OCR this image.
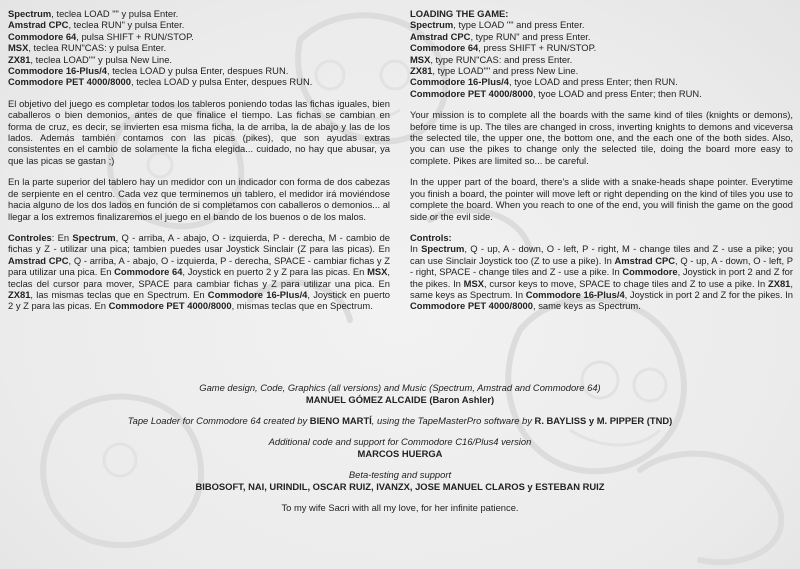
Spectrum, teclea LOAD "" y pulsa Enter.

Amstrad CPC, teclea RUN" y pulsa Enter.

Commodore 64, pulsa SHIFT + RUN/STOP.

MSX, teclea RUN"CAS: y pulsa Enter.

ZX81, teclea LOAD"" y pulsa New Line.

Commodore 16-Plus/4, teclea LOAD y pulsa Enter, despues RUN.

Commodore PET 4000/8000, teclea LOAD y pulsa Enter, despues RUN.

El objetivo del juego es completar todos los tableros poniendo todas las fichas iguales, bien caballeros o bien demonios, antes de que finalice el tiempo. Las fichas se cambian en forma de cruz, es decir, se invierten esa misma ficha, la de arriba, la de abajo y las de los lados. Además también contamos con las picas (pikes), que son ayudas extras consistentes en el cambio de solamente la ficha elegida... cuidado, no hay que abusar, ya que las picas se gastan ;)

En la parte superior del tablero hay un medidor con un indicador con forma de dos cabezas de serpiente en el centro. Cada vez que terminemos un tablero, el medidor irá moviéndose hacia alguno de los dos lados en función de si completamos con caballeros o demonios... al llegar a los extremos finalizaremos el juego en el bando de los buenos o de los malos.

Controles: En Spectrum, Q - arriba, A - abajo, O - izquierda, P - derecha, M - cambio de fichas y Z - utilizar una pica; tambien puedes usar Joystick Sinclair (Z para las picas). En Amstrad CPC, Q - arriba, A - abajo, O - izquierda, P - derecha, SPACE - cambiar fichas y Z para utilizar una pica. En Commodore 64, Joystick en puerto 2 y Z para las picas. En MSX, teclas del cursor para mover, SPACE para cambiar fichas y Z para utilizar una pica. En ZX81, las mismas teclas que en Spectrum. En Commodore 16-Plus/4, Joystick en puerto 2 y Z para las picas. En Commodore PET 4000/8000, mismas teclas que en Spectrum.

LOADING THE GAME:

Spectrum, type LOAD "" and press Enter.

Amstrad CPC, type RUN" and press Enter.

Commodore 64, press SHIFT + RUN/STOP.

MSX, type RUN"CAS: and press Enter.

ZX81, type LOAD"" and press New Line.

Commodore 16-Plus/4, tyoe LOAD and press Enter; then RUN.

Commodore PET 4000/8000, tyoe LOAD and press Enter; then RUN.

Your mission is to complete all the boards with the same kind of tiles (knights or demons), before time is up. The tiles are changed in cross, inverting knights to demons and viceversa the selected tile, the upper one, the bottom one, and the each one of the both sides. Also, you can use the pikes to change only the selected tile, doing the board more easy to complete. Pikes are limited so... be careful.

In the upper part of the board, there's a slide with a snake-heads shape pointer. Everytime you finish a board, the pointer will move left or right depending on the kind of tiles you use to complete the board. When you reach to one of the end, you will finish the game on the good side or the evil side.

Controls:

In Spectrum, Q - up, A - down, O - left, P - right, M - change tiles and Z - use a pike; you can use Sinclair Joystick too (Z to use a pike). In Amstrad CPC, Q - up, A - down, O - left, P - right, SPACE - change tiles and Z - use a pike. In Commodore, Joystick in port 2 and Z for the pikes. In MSX, cursor keys to move, SPACE to chage tiles and Z to use a pike. In ZX81, same keys as Spectrum. In Commodore 16-Plus/4, Joystick in port 2 and Z for the pikes. In Commodore PET 4000/8000, same keys as Spectrum.

Game design, Code, Graphics (all versions) and Music (Spectrum, Amstrad and Commodore 64)

MANUEL GÓMEZ ALCAIDE (Baron Ashler)

Tape Loader for Commodore 64 created by BIENO MARTÍ, using the TapeMasterPro software by R. BAYLISS y M. PIPPER (TND)

Additional code and support for Commodore C16/Plus4 version

MARCOS HUERGA

Beta-testing and support

BIBOSOFT, NAI, URINDIL, OSCAR RUIZ, IVANZX, JOSE MANUEL CLAROS y ESTEBAN RUIZ

To my wife Sacri with all my love, for her infinite patience.
